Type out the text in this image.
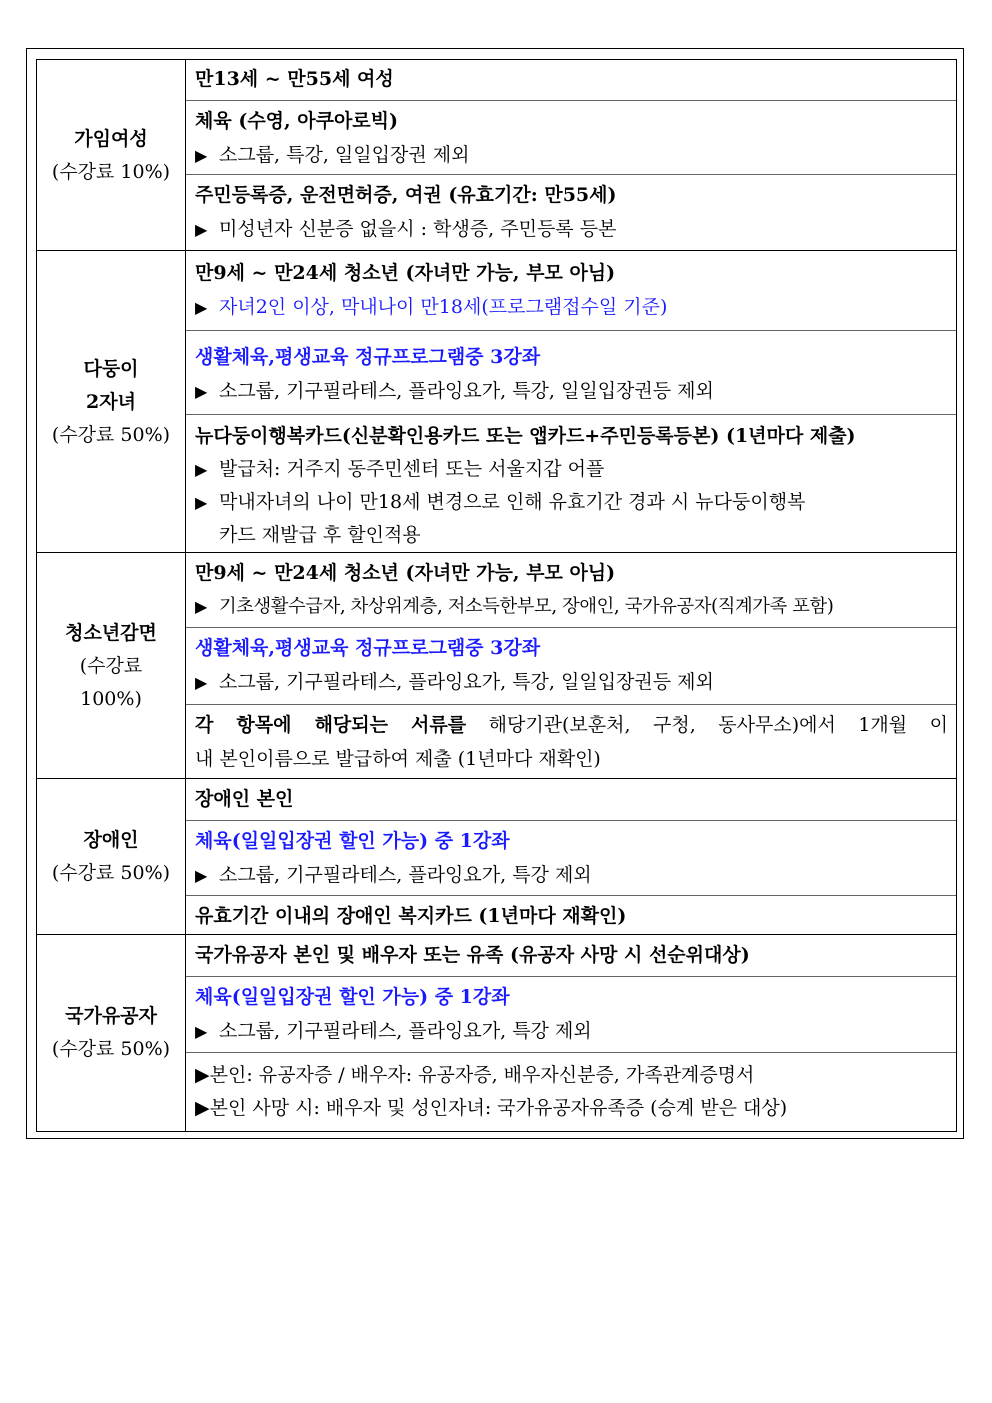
가임여성
(수강료 10%)
만13세 ~ 만55세 여성
체육 (수영, 아쿠아로빅)
▶ 소그룹, 특강, 일일입장권 제외
주민등록증, 운전면허증, 여권 (유효기간: 만55세)
▶ 미성년자 신분증 없을시 : 학생증, 주민등록 등본
다둥이
2자녀
(수강료 50%)
만9세 ~ 만24세 청소년 (자녀만 가능, 부모 아님)
▶ 자녀2인 이상, 막내나이 만18세(프로그램접수일 기준)
생활체육,평생교육 정규프로그램중 3강좌
▶ 소그룹, 기구필라테스, 플라잉요가, 특강, 일일입장권등 제외
뉴다둥이행복카드(신분확인용카드 또는 앱카드+주민등록등본) (1년마다 제출)
▶ 발급처: 거주지 동주민센터 또는 서울지갑 어플
▶ 막내자녀의 나이 만18세 변경으로 인해 유효기간 경과 시 뉴다둥이행복
카드 재발급 후 할인적용
청소년감면
(수강료
100%)
만9세 ~ 만24세 청소년 (자녀만 가능, 부모 아님)
▶ 기초생활수급자, 차상위계층, 저소득한부모, 장애인, 국가유공자(직계가족 포함)
생활체육,평생교육 정규프로그램중 3강좌
▶ 소그룹, 기구필라테스, 플라잉요가, 특강, 일일입장권등 제외
각 항목에 해당되는 서류를 해당기관(보훈처, 구청, 동사무소)에서 1개월 이
내 본인이름으로 발급하여 제출 (1년마다 재확인)
장애인
(수강료 50%)
장애인 본인
체육(일일입장권 할인 가능) 중 1강좌
▶ 소그룹, 기구필라테스, 플라잉요가, 특강 제외
유효기간 이내의 장애인 복지카드 (1년마다 재확인)
국가유공자
(수강료 50%)
국가유공자 본인 및 배우자 또는 유족 (유공자 사망 시 선순위대상)
체육(일일입장권 할인 가능) 중 1강좌
▶ 소그룹, 기구필라테스, 플라잉요가, 특강 제외
▶본인: 유공자증 / 배우자: 유공자증, 배우자신분증, 가족관계증명서
▶본인 사망 시: 배우자 및 성인자녀: 국가유공자유족증 (승계 받은 대상)
